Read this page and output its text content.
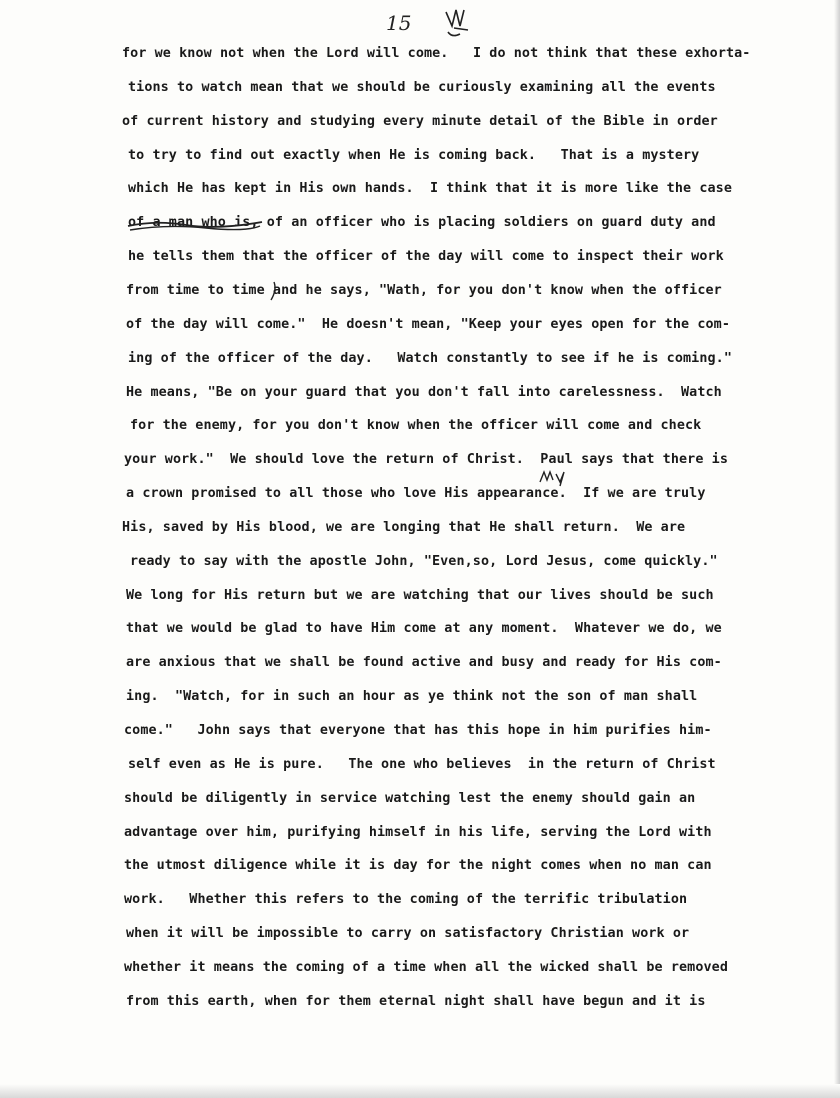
15
for we know not when the Lord will come.   I do not think that these exhorta-
tions to watch mean that we should be curiously examining all the events
of current history and studying every minute detail of the Bible in order
to try to find out exactly when He is coming back.   That is a mystery
which He has kept in His own hands.  I think that it is more like the case
of a man who is, of an officer who is placing soldiers on guard duty and
he tells them that the officer of the day will come to inspect their work
from time to time and he says, "Wath, for you don't know when the officer
of the day will come."  He doesn't mean, "Keep your eyes open for the com-
ing of the officer of the day.   Watch constantly to see if he is coming."
He means, "Be on your guard that you don't fall into carelessness.  Watch
for the enemy, for you don't know when the officer will come and check
your work."  We should love the return of Christ.  Paul says that there is
a crown promised to all those who love His appearance.  If we are truly
His, saved by His blood, we are longing that He shall return.  We are
ready to say with the apostle John, "Even,so, Lord Jesus, come quickly."
We long for His return but we are watching that our lives should be such
that we would be glad to have Him come at any moment.  Whatever we do, we
are anxious that we shall be found active and busy and ready for His com-
ing.  "Watch, for in such an hour as ye think not the son of man shall
come."   John says that everyone that has this hope in him purifies him-
self even as He is pure.   The one who believes  in the return of Christ
should be diligently in service watching lest the enemy should gain an
advantage over him, purifying himself in his life, serving the Lord with
the utmost diligence while it is day for the night comes when no man can
work.   Whether this refers to the coming of the terrific tribulation
when it will be impossible to carry on satisfactory Christian work or
whether it means the coming of a time when all the wicked shall be removed
from this earth, when for them eternal night shall have begun and it is
